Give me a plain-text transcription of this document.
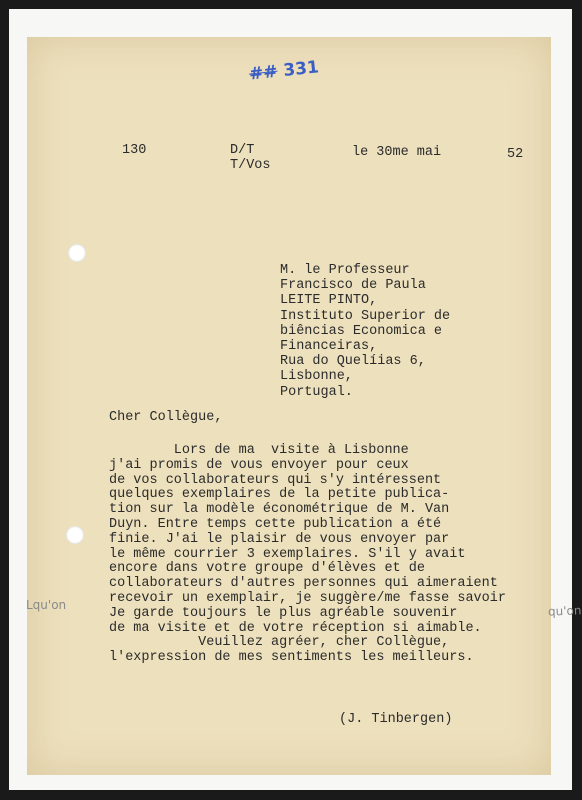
## 331
130	D/T
T/Vos
le 30me mai	52
M. le Professeur
Francisco de Paula
LEITE PINTO,
Instituto Superior de
biências Economica e
Financeiras,
Rua do Quelíias 6,
Lisbonne,
Portugal.
Cher Collègue,
Lors de ma  visite à Lisbonne
j'ai promis de vous envoyer pour ceux
de vos collaborateurs qui s'y intéressent
quelques exemplaires de la petite publica-
tion sur la modèle économétrique de M. Van
Duyn. Entre temps cette publication a été
finie. J'ai le plaisir de vous envoyer par
le même courrier 3 exemplaires. S'il y avait
encore dans votre groupe d'élèves et de
collaborateurs d'autres personnes qui aimeraient
recevoir un exemplair, je suggère/me fasse savoir
Je garde toujours le plus agréable souvenir
de ma visite et de votre réception si aimable.
Veuillez agréer, cher Collègue,
l'expression de mes sentiments les meilleurs.
Lqu'on
(J. Tinbergen)
qu'on
